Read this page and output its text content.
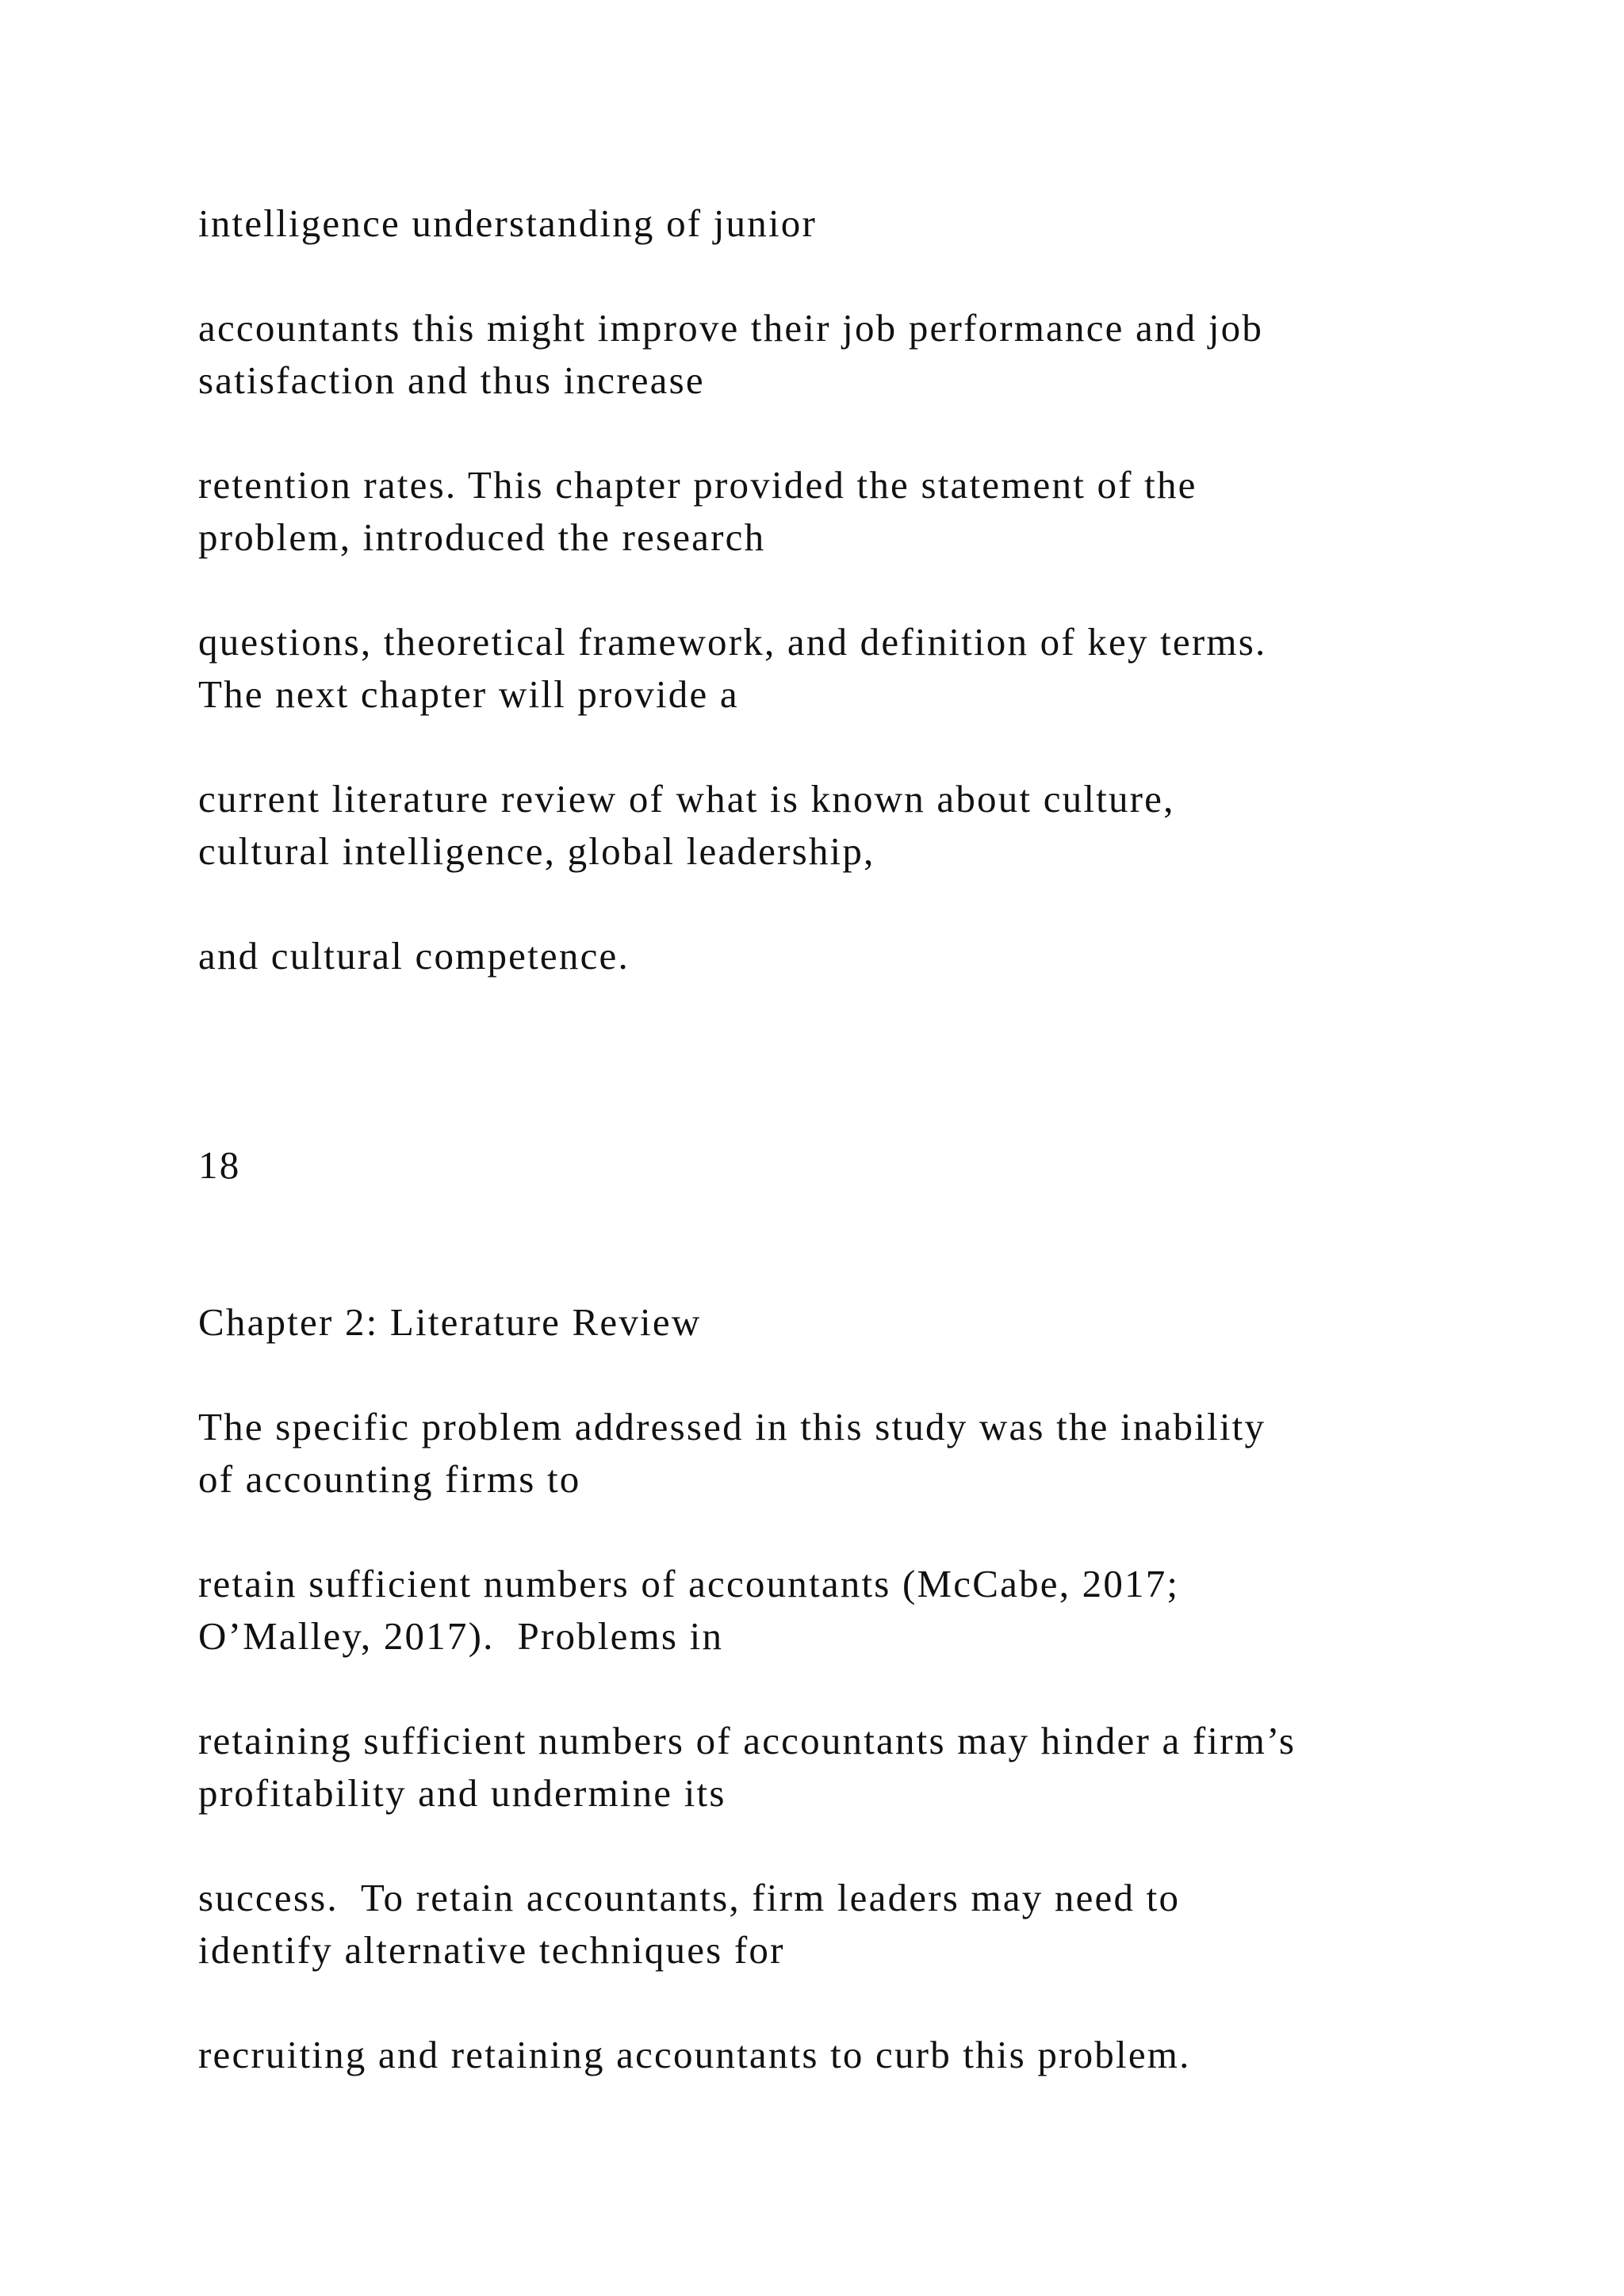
intelligence understanding of junior
accountants this might improve their job performance and job
satisfaction and thus increase
retention rates. This chapter provided the statement of the
problem, introduced the research
questions, theoretical framework, and definition of key terms.
The next chapter will provide a
current literature review of what is known about culture,
cultural intelligence, global leadership,
and cultural competence.
18
Chapter 2: Literature Review
The specific problem addressed in this study was the inability
of accounting firms to
retain sufficient numbers of accountants (McCabe, 2017;
O’Malley, 2017).  Problems in
retaining sufficient numbers of accountants may hinder a firm’s
profitability and undermine its
success.  To retain accountants, firm leaders may need to
identify alternative techniques for
recruiting and retaining accountants to curb this problem.
